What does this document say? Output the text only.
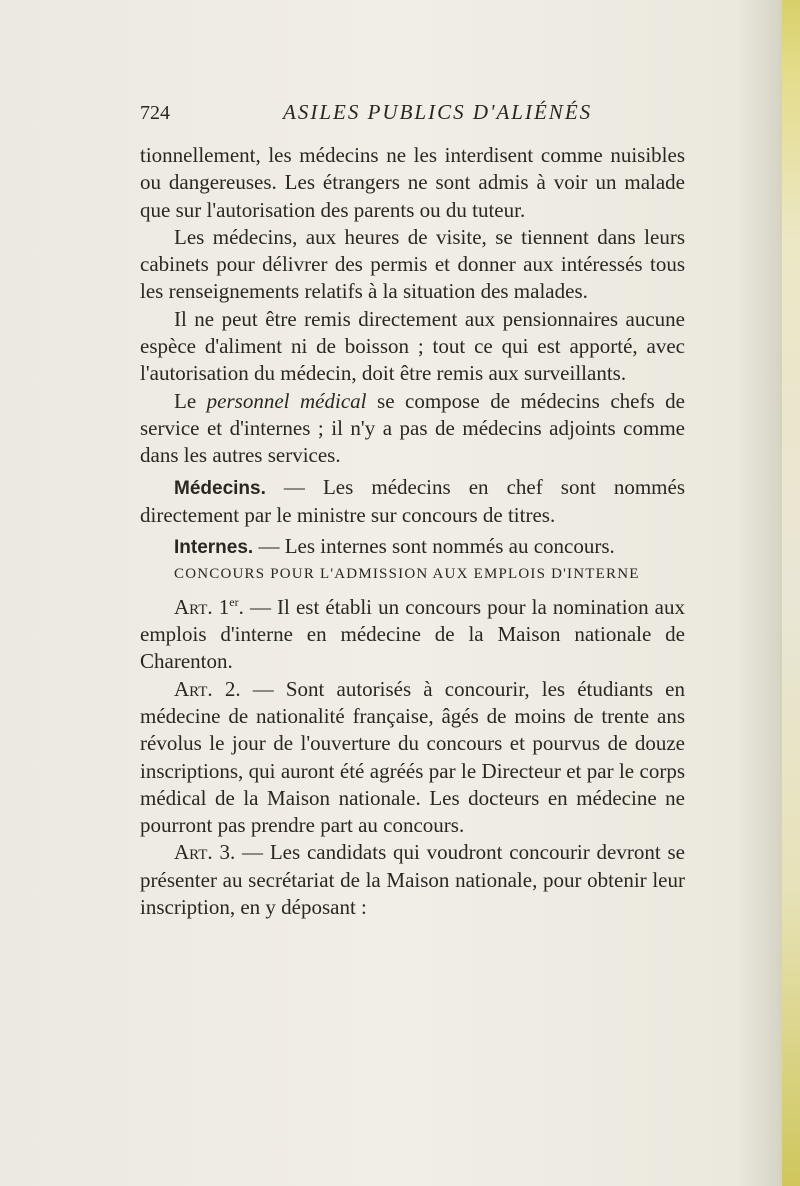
724	ASILES PUBLICS D'ALIÉNÉS

tionnellement, les médecins ne les interdisent comme nuisibles ou dangereuses. Les étrangers ne sont admis à voir un malade que sur l'autorisation des parents ou du tuteur.

Les médecins, aux heures de visite, se tiennent dans leurs cabinets pour délivrer des permis et donner aux intéressés tous les renseignements relatifs à la situation des malades.

Il ne peut être remis directement aux pensionnaires aucune espèce d'aliment ni de boisson ; tout ce qui est apporté, avec l'autorisation du médecin, doit être remis aux surveillants.

Le personnel médical se compose de médecins chefs de service et d'internes ; il n'y a pas de médecins adjoints comme dans les autres services.

Médecins. — Les médecins en chef sont nommés directement par le ministre sur concours de titres.

Internes. — Les internes sont nommés au concours.

CONCOURS POUR L'ADMISSION AUX EMPLOIS D'INTERNE

Art. 1er. — Il est établi un concours pour la nomination aux emplois d'interne en médecine de la Maison nationale de Charenton.

Art. 2. — Sont autorisés à concourir, les étudiants en médecine de nationalité française, âgés de moins de trente ans révolus le jour de l'ouverture du concours et pourvus de douze inscriptions, qui auront été agréés par le Directeur et par le corps médical de la Maison nationale. Les docteurs en médecine ne pourront pas prendre part au concours.

Art. 3. — Les candidats qui voudront concourir devront se présenter au secrétariat de la Maison nationale, pour obtenir leur inscription, en y déposant :
